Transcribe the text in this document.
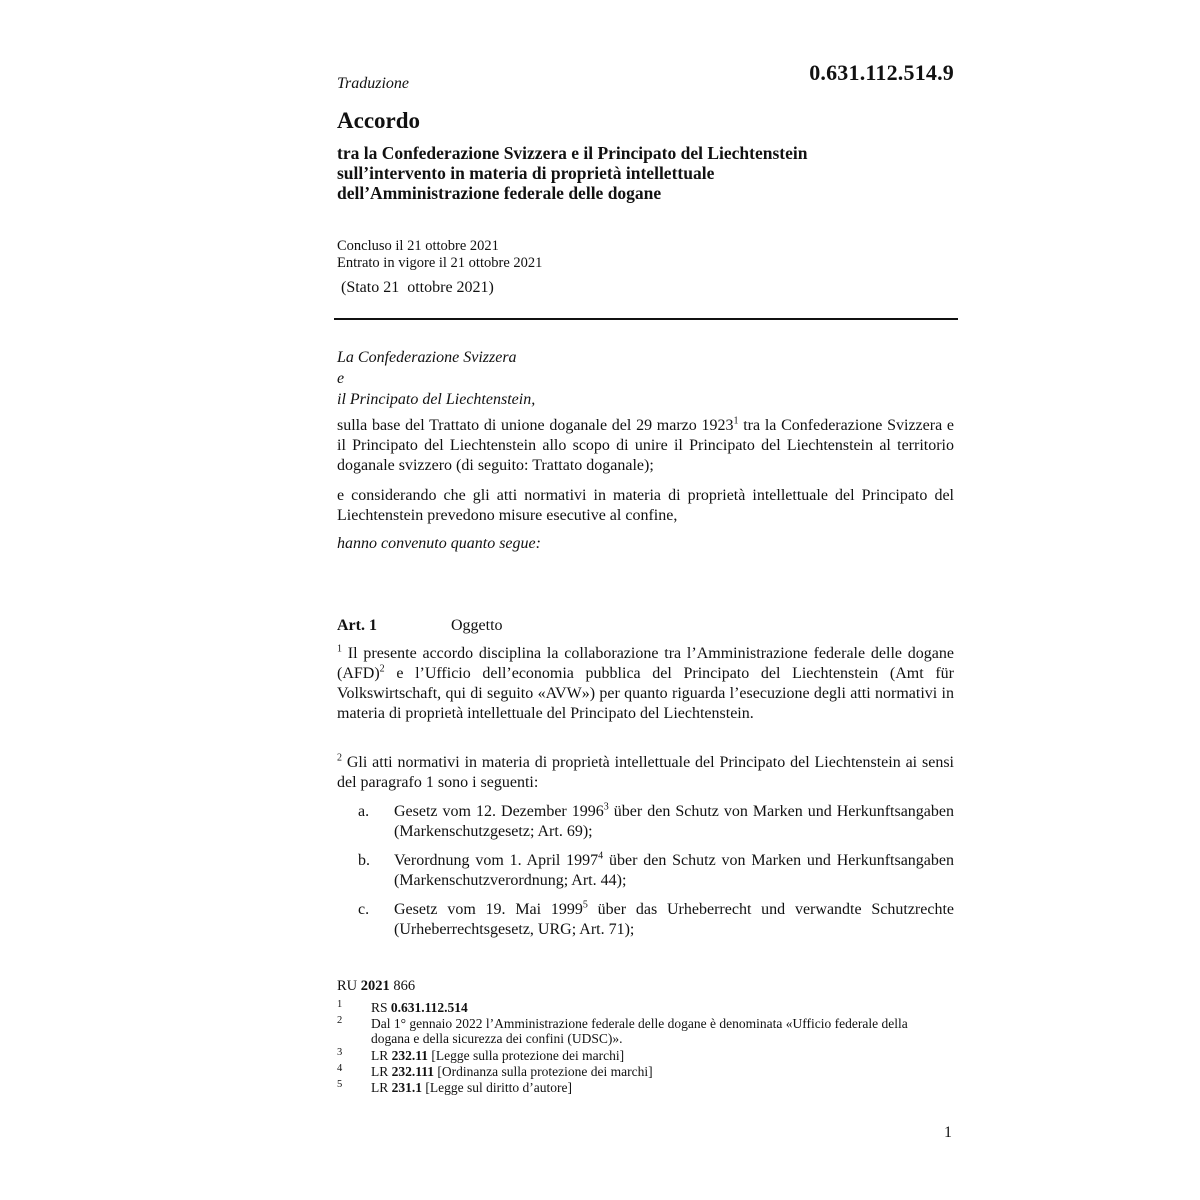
0.631.112.514.9
Traduzione
Accordo
tra la Confederazione Svizzera e il Principato del Liechtenstein
sull’intervento in materia di proprietà intellettuale
dell’Amministrazione federale delle dogane
Concluso il 21 ottobre 2021
Entrato in vigore il 21 ottobre 2021
(Stato 21  ottobre 2021)
La Confederazione Svizzera
e
il Principato del Liechtenstein,
sulla base del Trattato di unione doganale del 29 marzo 1923$^1$ tra la Confederazione Svizzera e il Principato del Liechtenstein allo scopo di unire il Principato del Liechtenstein al territorio doganale svizzero (di seguito: Trattato doganale);
e considerando che gli atti normativi in materia di proprietà intellettuale del Principato del Liechtenstein prevedono misure esecutive al confine,
hanno convenuto quanto segue:
Art. 1	Oggetto
$^1$ Il presente accordo disciplina la collaborazione tra l’Amministrazione federale delle dogane (AFD)$^2$ e l’Ufficio dell’economia pubblica del Principato del Liechtenstein (Amt für Volkswirtschaft, qui di seguito «AVW») per quanto riguarda l’esecuzione degli atti normativi in materia di proprietà intellettuale del Principato del Liechtenstein.
$^2$ Gli atti normativi in materia di proprietà intellettuale del Principato del Liechtenstein ai sensi del paragrafo 1 sono i seguenti:
a. Gesetz vom 12. Dezember 1996$^3$ über den Schutz von Marken und Herkunftsangaben (Markenschutzgesetz; Art. 69);
b. Verordnung vom 1. April 1997$^4$ über den Schutz von Marken und Herkunftsangaben (Markenschutzverordnung; Art. 44);
c. Gesetz vom 19. Mai 1999$^5$ über das Urheberrecht und verwandte Schutzrechte (Urheberrechtsgesetz, URG; Art. 71);
RU 2021 866
1 RS 0.631.112.514
2 Dal 1° gennaio 2022 l’Amministrazione federale delle dogane è denominata «Ufficio federale della dogana e della sicurezza dei confini (UDSC)».
3 LR 232.11 [Legge sulla protezione dei marchi]
4 LR 232.111 [Ordinanza sulla protezione dei marchi]
5 LR 231.1 [Legge sul diritto d’autore]
1
